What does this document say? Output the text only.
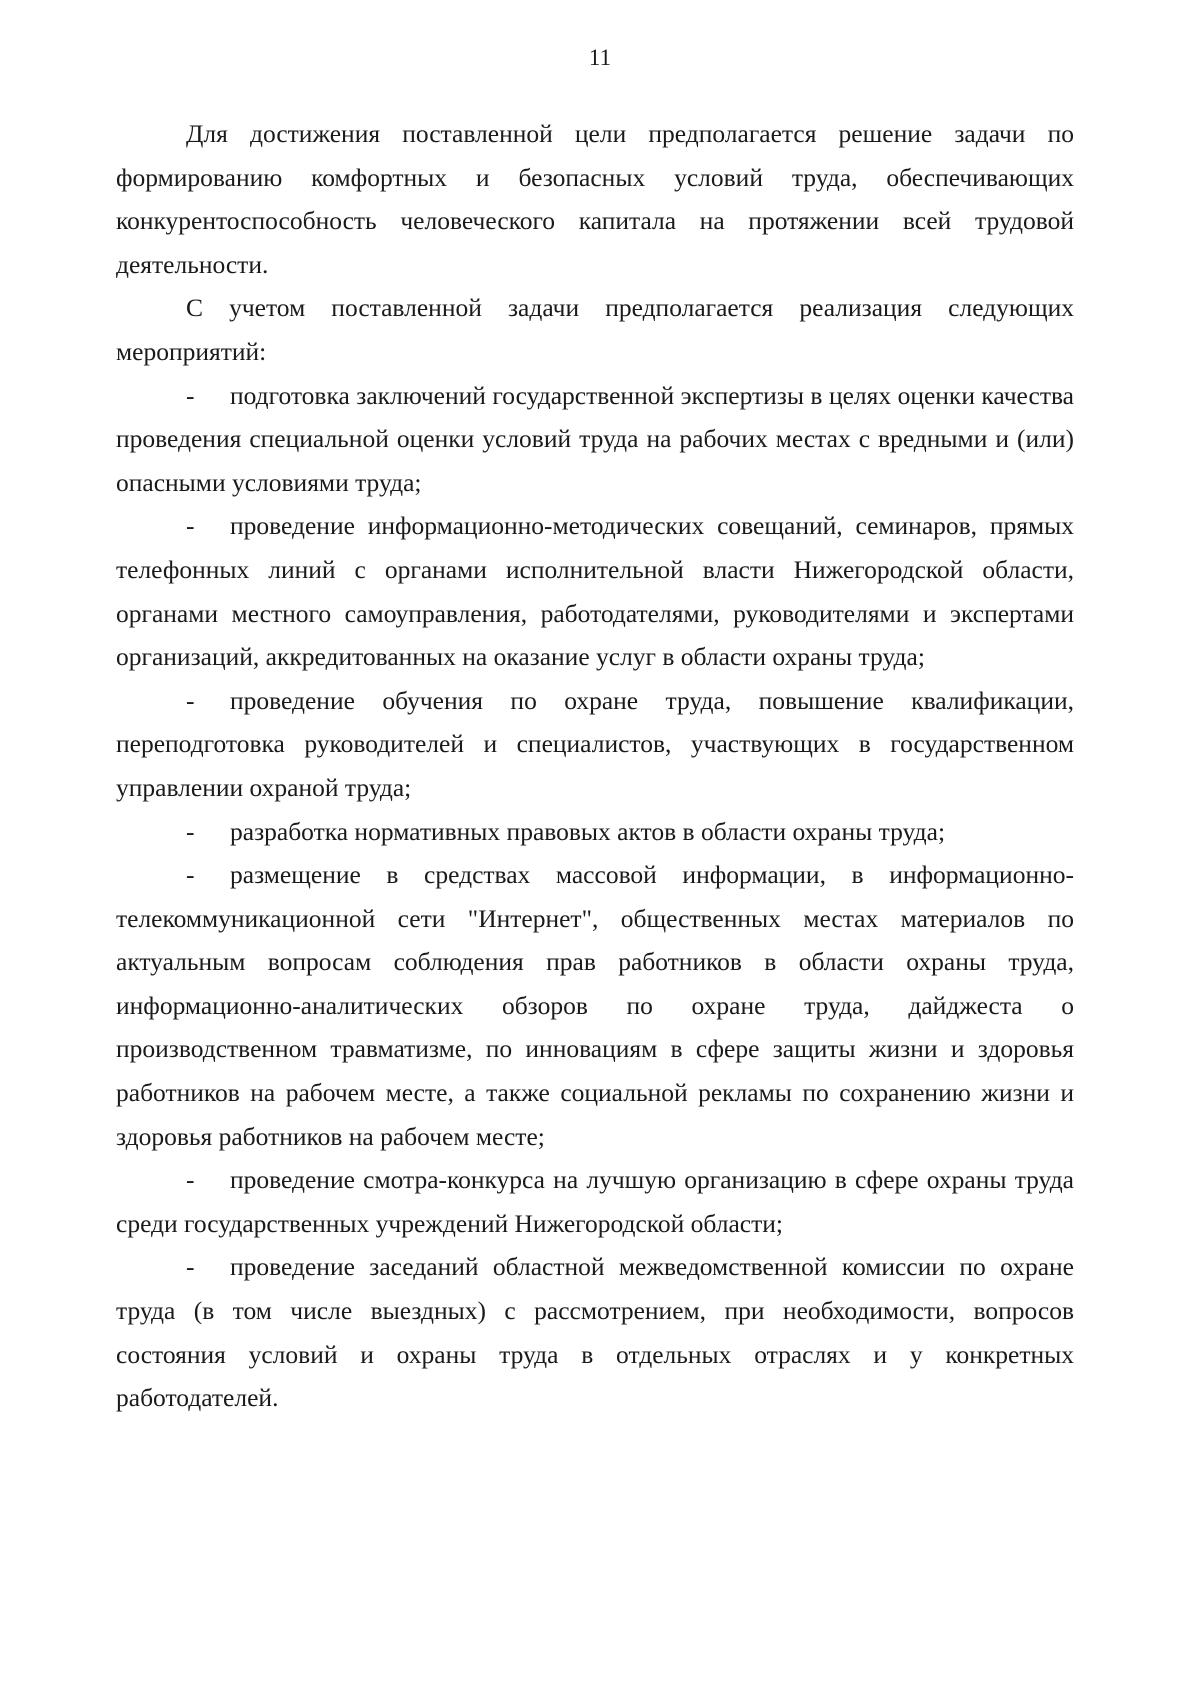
11

Для достижения поставленной цели предполагается решение задачи по формированию комфортных и безопасных условий труда, обеспечивающих конкурентоспособность человеческого капитала на протяжении всей трудовой деятельности.

С учетом поставленной задачи предполагается реализация следующих мероприятий:

- подготовка заключений государственной экспертизы в целях оценки качества проведения специальной оценки условий труда на рабочих местах с вредными и (или) опасными условиями труда;

- проведение информационно-методических совещаний, семинаров, прямых телефонных линий с органами исполнительной власти Нижегородской области, органами местного самоуправления, работодателями, руководителями и экспертами организаций, аккредитованных на оказание услуг в области охраны труда;

- проведение обучения по охране труда, повышение квалификации, переподготовка руководителей и специалистов, участвующих в государственном управлении охраной труда;

- разработка нормативных правовых актов в области охраны труда;

- размещение в средствах массовой информации, в информационно-телекоммуникационной сети "Интернет", общественных местах материалов по актуальным вопросам соблюдения прав работников в области охраны труда, информационно-аналитических обзоров по охране труда, дайджеста о производственном травматизме, по инновациям в сфере защиты жизни и здоровья работников на рабочем месте, а также социальной рекламы по сохранению жизни и здоровья работников на рабочем месте;

- проведение смотра-конкурса на лучшую организацию в сфере охраны труда среди государственных учреждений Нижегородской области;

- проведение заседаний областной межведомственной комиссии по охране труда (в том числе выездных) с рассмотрением, при необходимости, вопросов состояния условий и охраны труда в отдельных отраслях и у конкретных работодателей.
